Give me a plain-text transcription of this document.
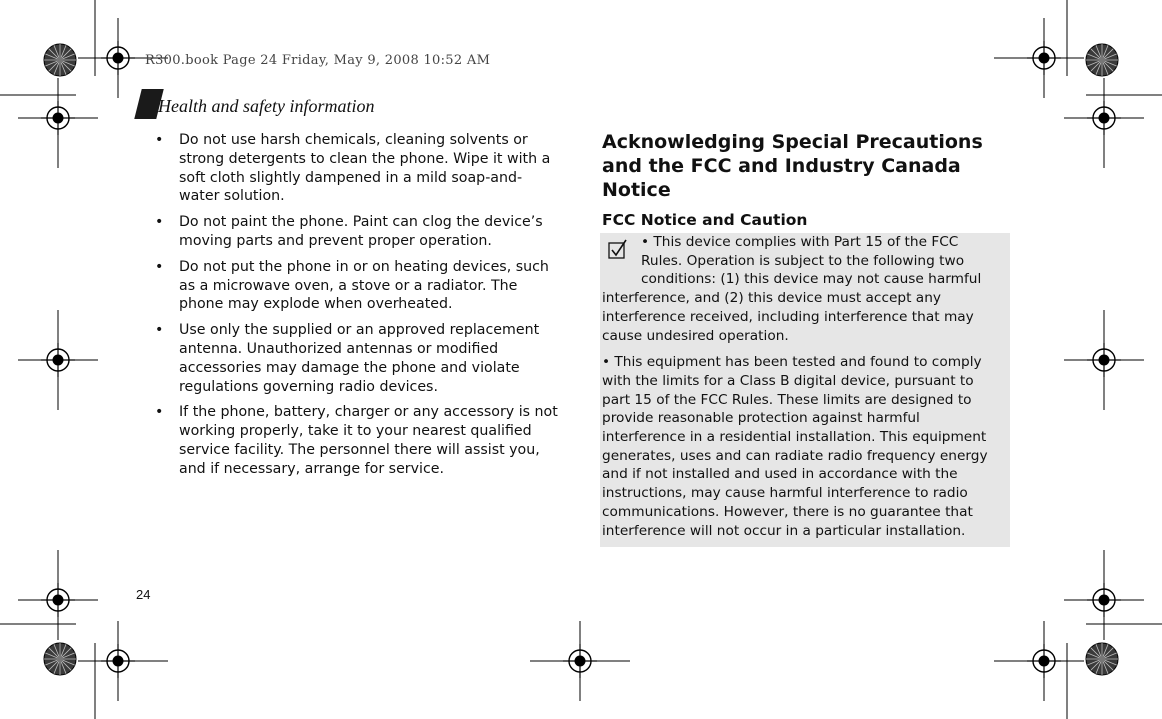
R300.book Page 24 Friday, May 9, 2008 10:52 AM
Health and safety information
• Do not use harsh chemicals, cleaning solvents or strong detergents to clean the phone. Wipe it with a soft cloth slightly dampened in a mild soap-and-water solution.
• Do not paint the phone. Paint can clog the device’s moving parts and prevent proper operation.
• Do not put the phone in or on heating devices, such as a microwave oven, a stove or a radiator. The phone may explode when overheated.
• Use only the supplied or an approved replacement antenna. Unauthorized antennas or modified accessories may damage the phone and violate regulations governing radio devices.
• If the phone, battery, charger or any accessory is not working properly, take it to your nearest qualified service facility. The personnel there will assist you, and if necessary, arrange for service.
Acknowledging Special Precautions and the FCC and Industry Canada Notice
FCC Notice and Caution

• This device complies with Part 15 of the FCC Rules. Operation is subject to the following two conditions: (1) this device may not cause harmful interference, and (2) this device must accept any interference received, including interference that may cause undesired operation.

• This equipment has been tested and found to comply with the limits for a Class B digital device, pursuant to part 15 of the FCC Rules. These limits are designed to provide reasonable protection against harmful interference in a residential installation. This equipment generates, uses and can radiate radio frequency energy and if not installed and used in accordance with the instructions, may cause harmful interference to radio communications. However, there is no guarantee that interference will not occur in a particular installation.

24
